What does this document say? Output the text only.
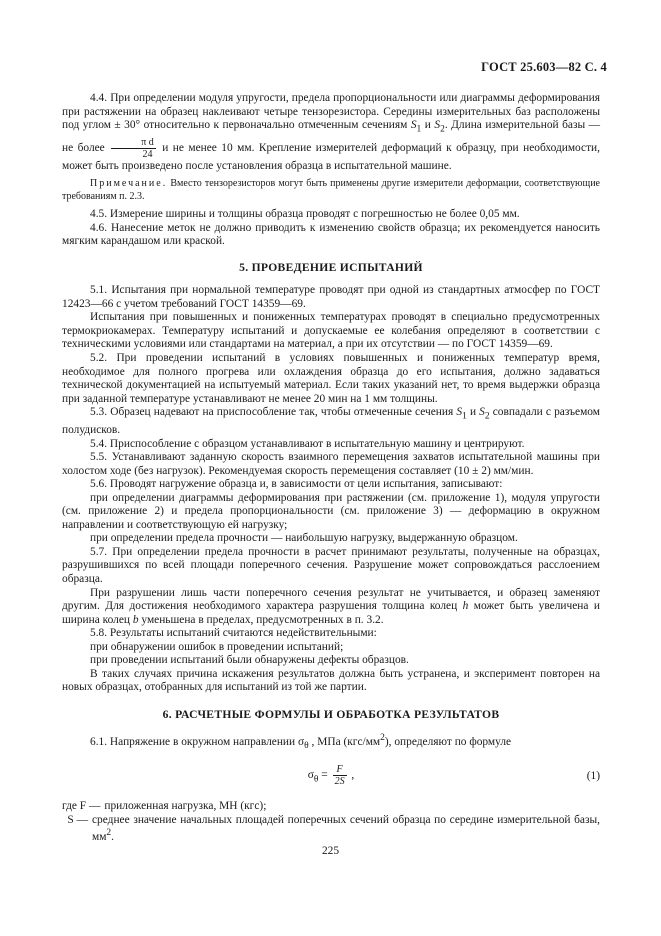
ГОСТ 25.603—82 С. 4

4.4. При определении модуля упругости, предела пропорциональности или диаграммы деформирования при растяжении на образец наклеивают четыре тензорезистора. Середины измерительных баз расположены под углом ± 30° относительно к первоначально отмеченным сечениям $S_1$ и $S_2$. Длина измерительной базы — не более $\frac{\text{π d}}{24}$ и не менее 10 мм. Крепление измерителей деформаций к образцу, при необходимости, может быть произведено после установления образца в испытательной машине.

Примечание. Вместо тензорезисторов могут быть применены другие измерители деформации, соответствующие требованиям п. 2.3.

4.5. Измерение ширины и толщины образца проводят с погрешностью не более 0,05 мм.

4.6. Нанесение меток не должно приводить к изменению свойств образца; их рекомендуется наносить мягким карандашом или краской.

5. ПРОВЕДЕНИЕ ИСПЫТАНИЙ

5.1. Испытания при нормальной температуре проводят при одной из стандартных атмосфер по ГОСТ 12423—66 с учетом требований ГОСТ 14359—69.

Испытания при повышенных и пониженных температурах проводят в специально предусмотренных термокриокамерах. Температуру испытаний и допускаемые ее колебания определяют в соответствии с техническими условиями или стандартами на материал, а при их отсутствии — по ГОСТ 14359—69.

5.2. При проведении испытаний в условиях повышенных и пониженных температур время, необходимое для полного прогрева или охлаждения образца до его испытания, должно задаваться технической документацией на испытуемый материал. Если таких указаний нет, то время выдержки образца при заданной температуре устанавливают не менее 20 мин на 1 мм толщины.

5.3. Образец надевают на приспособление так, чтобы отмеченные сечения $S_1$ и $S_2$ совпадали с разъемом полудисков.

5.4. Приспособление с образцом устанавливают в испытательную машину и центрируют.

5.5. Устанавливают заданную скорость взаимного перемещения захватов испытательной машины при холостом ходе (без нагрузок). Рекомендуемая скорость перемещения составляет (10 ± 2) мм/мин.

5.6. Проводят нагружение образца и, в зависимости от цели испытания, записывают:

при определении диаграммы деформирования при растяжении (см. приложение 1), модуля упругости (см. приложение 2) и предела пропорциональности (см. приложение 3) — деформацию в окружном направлении и соответствующую ей нагрузку;

при определении предела прочности — наибольшую нагрузку, выдержанную образцом.

5.7. При определении предела прочности в расчет принимают результаты, полученные на образцах, разрушившихся по всей площади поперечного сечения. Разрушение может сопровождаться расслоением образца.

При разрушении лишь части поперечного сечения результат не учитывается, и образец заменяют другим. Для достижения необходимого характера разрушения толщина колец h может быть увеличена и ширина колец b уменьшена в пределах, предусмотренных в п. 3.2.

5.8. Результаты испытаний считаются недействительными:

при обнаружении ошибок в проведении испытаний;

при проведении испытаний были обнаружены дефекты образцов.

В таких случаях причина искажения результатов должна быть устранена, и эксперимент повторен на новых образцах, отобранных для испытаний из той же партии.

6. РАСЧЕТНЫЕ ФОРМУЛЫ И ОБРАБОТКА РЕЗУЛЬТАТОВ

6.1. Напряжение в окружном направлении $\sigma_\theta$ , МПа $(кгс/мм^2)$, определяют по формуле

$\sigma_\theta = \frac{F}{2S}$ ,	(1)
где F — приложенная нагрузка, МН (кгс);
S — среднее значение начальных площадей поперечных сечений образца по середине измерительной базы, $мм^2$.
225
